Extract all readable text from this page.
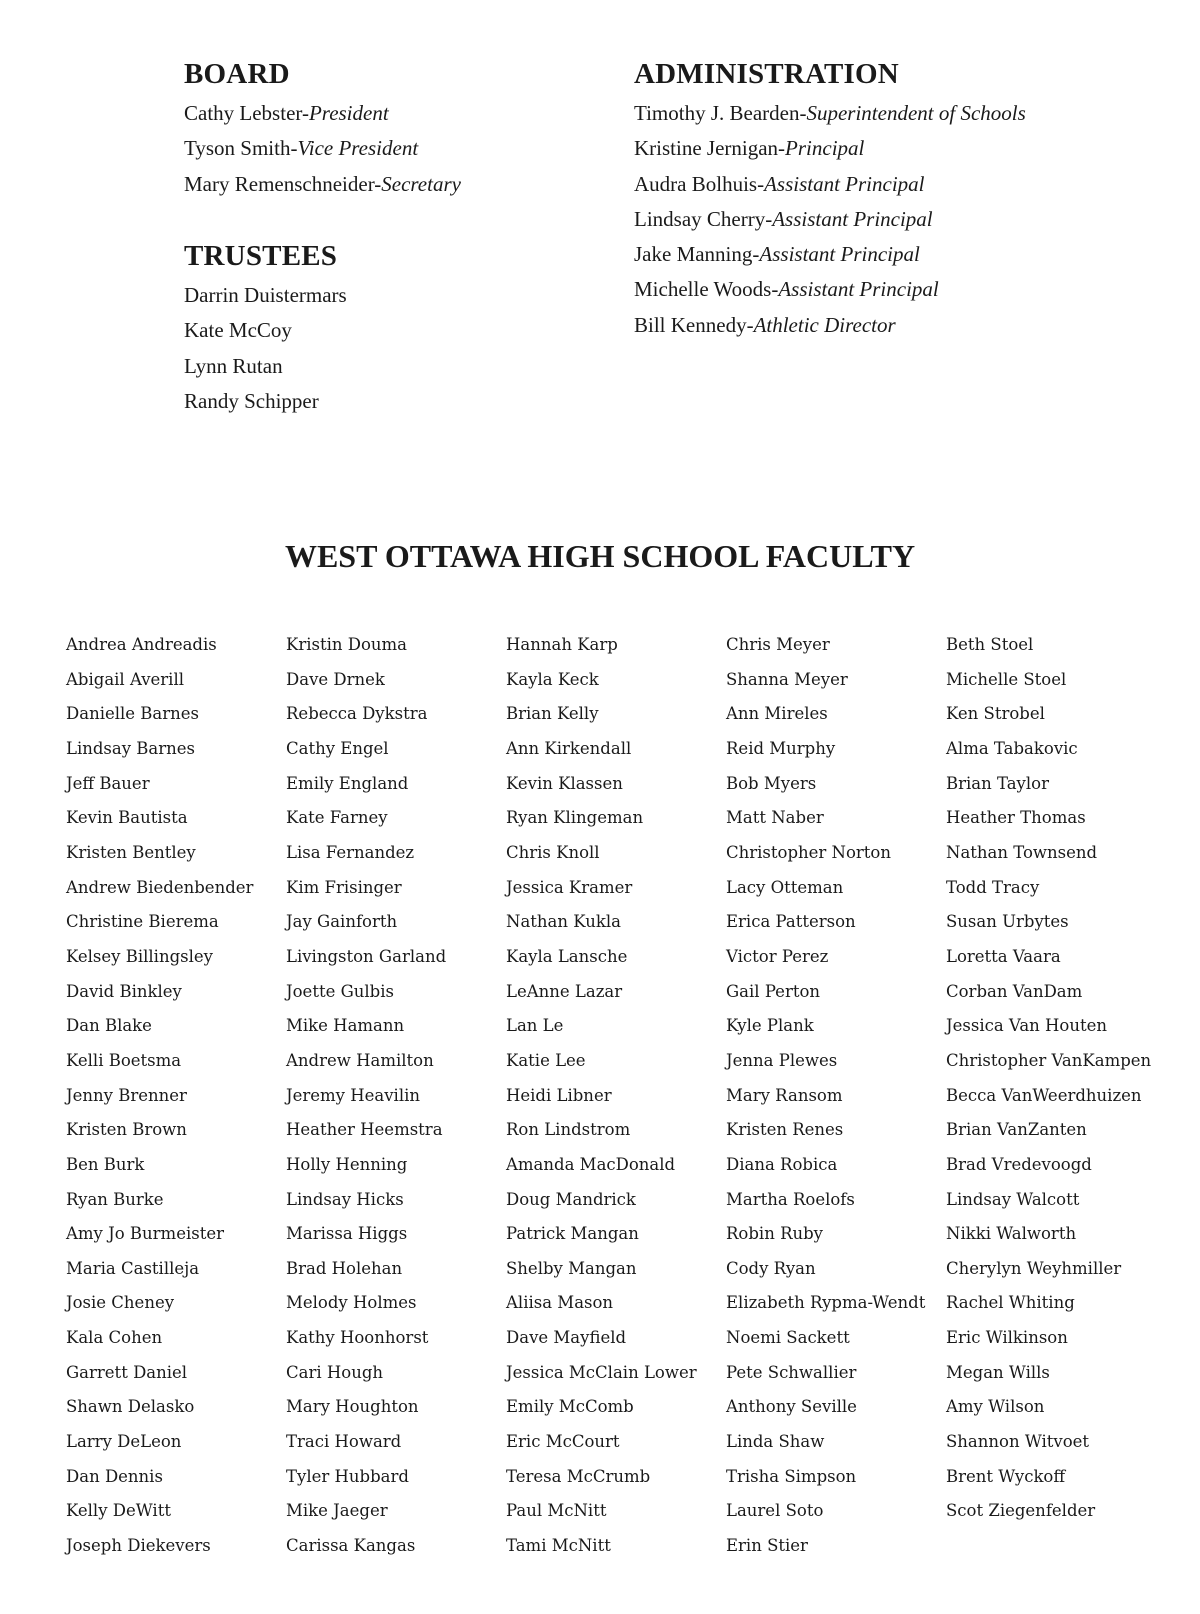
BOARD
Cathy Lebster-President
Tyson Smith-Vice President
Mary Remenschneider-Secretary
TRUSTEES
Darrin Duistermars
Kate McCoy
Lynn Rutan
Randy Schipper
ADMINISTRATION
Timothy J. Bearden-Superintendent of Schools
Kristine Jernigan-Principal
Audra Bolhuis-Assistant Principal
Lindsay Cherry-Assistant Principal
Jake Manning-Assistant Principal
Michelle Woods-Assistant Principal
Bill Kennedy-Athletic Director
WEST OTTAWA HIGH SCHOOL FACULTY
Andrea Andreadis
Abigail Averill
Danielle Barnes
Lindsay Barnes
Jeff Bauer
Kevin Bautista
Kristen Bentley
Andrew Biedenbender
Christine Bierema
Kelsey Billingsley
David Binkley
Dan Blake
Kelli Boetsma
Jenny Brenner
Kristen Brown
Ben Burk
Ryan Burke
Amy Jo Burmeister
Maria Castilleja
Josie Cheney
Kala Cohen
Garrett Daniel
Shawn Delasko
Larry DeLeon
Dan Dennis
Kelly DeWitt
Joseph Diekevers
Kristin Douma
Dave Drnek
Rebecca Dykstra
Cathy Engel
Emily England
Kate Farney
Lisa Fernandez
Kim Frisinger
Jay Gainforth
Livingston Garland
Joette Gulbis
Mike Hamann
Andrew Hamilton
Jeremy Heavilin
Heather Heemstra
Holly Henning
Lindsay Hicks
Marissa Higgs
Brad Holehan
Melody Holmes
Kathy Hoonhorst
Cari Hough
Mary Houghton
Traci Howard
Tyler Hubbard
Mike Jaeger
Carissa Kangas
Hannah Karp
Kayla Keck
Brian Kelly
Ann Kirkendall
Kevin Klassen
Ryan Klingeman
Chris Knoll
Jessica Kramer
Nathan Kukla
Kayla Lansche
LeAnne Lazar
Lan Le
Katie Lee
Heidi Libner
Ron Lindstrom
Amanda MacDonald
Doug Mandrick
Patrick Mangan
Shelby Mangan
Aliisa Mason
Dave Mayfield
Jessica McClain Lower
Emily McComb
Eric McCourt
Teresa McCrumb
Paul McNitt
Tami McNitt
Chris Meyer
Shanna Meyer
Ann Mireles
Reid Murphy
Bob Myers
Matt Naber
Christopher Norton
Lacy Otteman
Erica Patterson
Victor Perez
Gail Perton
Kyle Plank
Jenna Plewes
Mary Ransom
Kristen Renes
Diana Robica
Martha Roelofs
Robin Ruby
Cody Ryan
Elizabeth Rypma-Wendt
Noemi Sackett
Pete Schwallier
Anthony Seville
Linda Shaw
Trisha Simpson
Laurel Soto
Erin Stier
Beth Stoel
Michelle Stoel
Ken Strobel
Alma Tabakovic
Brian Taylor
Heather Thomas
Nathan Townsend
Todd Tracy
Susan Urbytes
Loretta Vaara
Corban VanDam
Jessica Van Houten
Christopher VanKampen
Becca VanWeerdhuizen
Brian VanZanten
Brad Vredevoogd
Lindsay Walcott
Nikki Walworth
Cherylyn Weyhmiller
Rachel Whiting
Eric Wilkinson
Megan Wills
Amy Wilson
Shannon Witvoet
Brent Wyckoff
Scot Ziegenfelder
